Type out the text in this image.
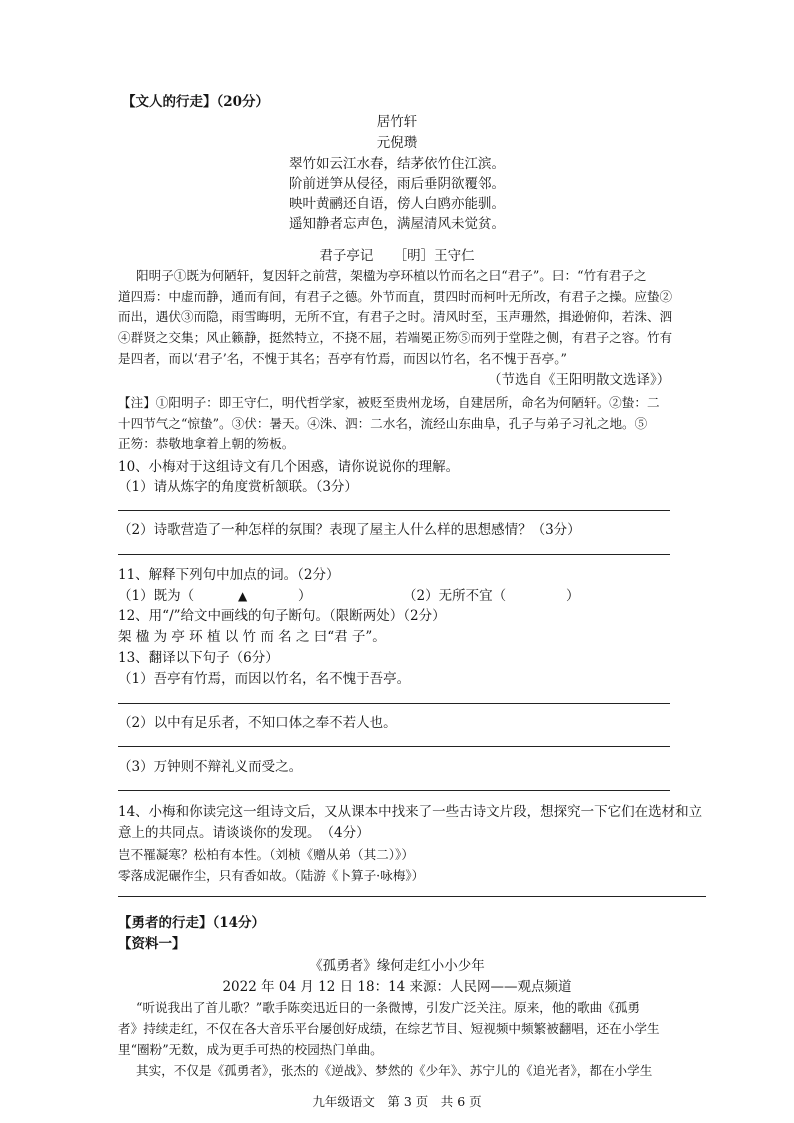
【文人的行走】（20分）
居竹轩
元倪瓒
翠竹如云江水春，结茅依竹住江滨。
阶前迸笋从侵径，雨后垂阴欲覆邻。
映叶黄鹂还自语，傍人白鸥亦能驯。
遥知静者忘声色，满屋清风未觉贫。
君子亭记　　［明］王守仁
阳明子①既为何陋轩，复因轩之前营，架楹为亭环植以竹而名之曰“君子”。曰：“竹有君子之
道四焉：中虚而静，通而有间，有君子之德。外节而直，贯四时而柯叶无所改，有君子之操。应蛰②
而出，遇伏③而隐，雨雪晦明，无所不宜，有君子之时。清风时至，玉声珊然，揖逊俯仰，若洙、泗
④群贤之交集；风止籁静，挺然特立，不挠不屈，若端冕正笏⑤而列于堂陛之侧，有君子之容。竹有
是四者，而以‘君子’名，不愧于其名；吾亭有竹焉，而因以竹名，名不愧于吾亭。”
（节选自《王阳明散文选译》）
【注】①阳明子：即王守仁，明代哲学家，被贬至贵州龙场，自建居所，命名为何陋轩。②蛰：二
十四节气之“惊蛰”。③伏：暑天。④洙、泗：二水名，流经山东曲阜，孔子与弟子习礼之地。⑤
正笏：恭敬地拿着上朝的笏板。
10、小梅对于这组诗文有几个困惑，请你说说你的理解。
（1）请从炼字的角度赏析颔联。（3分）
（2）诗歌营造了一种怎样的氛围？表现了屋主人什么样的思想感情？（3分）
11、解释下列句中加点的词。（2分）
（1）既为（	▲	）	（2）无所不宜（	）
12、用“/”给文中画线的句子断句。（限断两处）（2分）
架 楹 为 亭 环 植 以 竹 而 名 之 曰“君 子”。
13、翻译以下句子（6分）
（1）吾亭有竹焉，而因以竹名，名不愧于吾亭。
（2）以中有足乐者，不知口体之奉不若人也。
（3）万钟则不辩礼义而受之。
14、小梅和你读完这一组诗文后，又从课本中找来了一些古诗文片段，想探究一下它们在选材和立
意上的共同点。请谈谈你的发现。　（4分）
岂不罹凝寒？松柏有本性。（刘桢《赠从弟（其二）》）
零落成泥碾作尘，只有香如故。（陆游《卜算子·咏梅》）
【勇者的行走】（14分）
【资料一】
《孤勇者》缘何走红小小少年
2022 年 04 月 12 日 18：14 来源：人民网——观点频道
“听说我出了首儿歌？”歌手陈奕迅近日的一条微博，引发广泛关注。原来，他的歌曲《孤勇
者》持续走红，不仅在各大音乐平台屡创好成绩，在综艺节目、短视频中频繁被翻唱，还在小学生
里“圈粉”无数，成为更手可热的校园热门单曲。
其实，不仅是《孤勇者》，张杰的《逆战》、梦然的《少年》、苏宁儿的《追光者》，都在小学生
九年级语文　第 3 页　共 6 页
